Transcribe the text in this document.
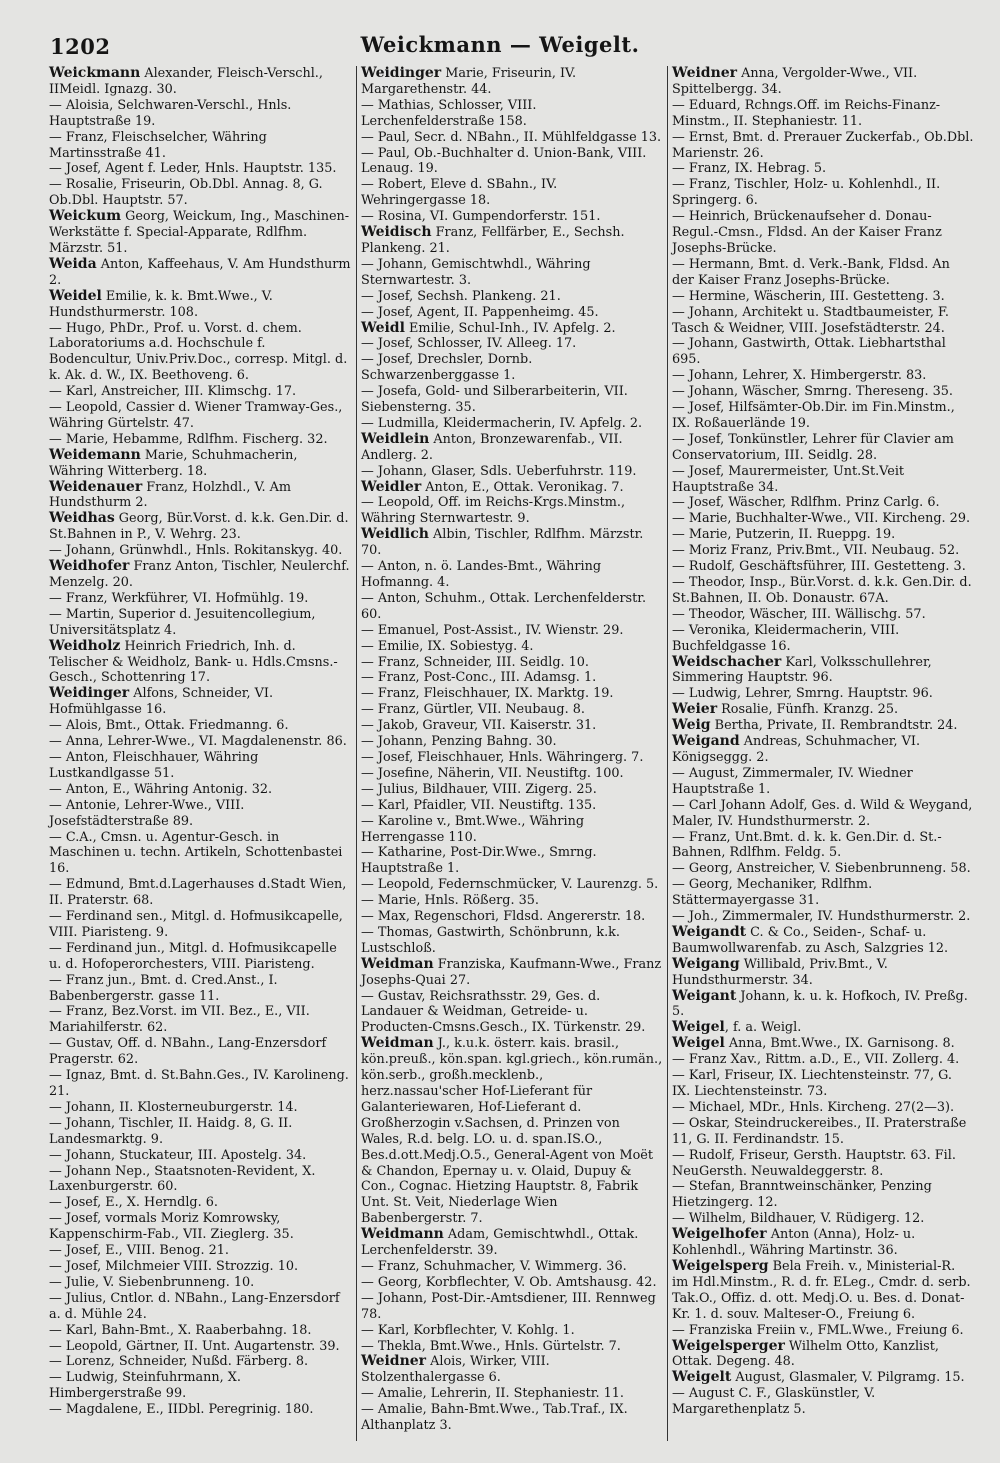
1202	Weickmann — Weigelt.
Weickmann Alexander, Fleisch-Verschl., IIMeidl. Ignazg. 30.
— Aloisia, Selchwaren-Verschl., Hnls. Hauptstraße 19.
— Franz, Fleischselcher, Währing Martinsstraße 41.
— Josef, Agent f. Leder, Hnls. Hauptstr. 135.
— Rosalie, Friseurin, Ob.Dbl. Annag. 8, G. Ob.Dbl. Hauptstr. 57.
Weickum Georg, Weickum, Ing., Maschinen-Werkstätte f. Special-Apparate, Rdlfhm. Märzstr. 51.
Weida Anton, Kaffeehaus, V. Am Hundsthurm 2.
Weidel Emilie, k. k. Bmt.Wwe., V. Hundsthurmerstr. 108.
— Hugo, PhDr., Prof. u. Vorst. d. chem. Laboratoriums a.d. Hochschule f. Bodencultur, Univ.Priv.Doc., corresp. Mitgl. d. k. Ak. d. W., IX. Beethoveng. 6.
— Karl, Anstreicher, III. Klimschg. 17.
— Leopold, Cassier d. Wiener Tramway-Ges., Währing Gürtelstr. 47.
— Marie, Hebamme, Rdlfhm. Fischerg. 32.
Weidemann Marie, Schuhmacherin, Währing Witterberg. 18.
Weidenauer Franz, Holzhdl., V. Am Hundsthurm 2.
Weidhas Georg, Bür.Vorst. d. k.k. Gen.Dir. d. St.Bahnen in P., V. Wehrg. 23.
— Johann, Grünwhdl., Hnls. Rokitanskyg. 40.
Weidhofer Franz Anton, Tischler, Neulerchf. Menzelg. 20.
— Franz, Werkführer, VI. Hofmühlg. 19.
— Martin, Superior d. Jesuitencollegium, Universitätsplatz 4.
Weidholz Heinrich Friedrich, Inh. d. Telischer & Weidholz, Bank- u. Hdls.Cmsns.-Gesch., Schottenring 17.
Weidinger Alfons, Schneider, VI. Hofmühlgasse 16.
— Alois, Bmt., Ottak. Friedmanng. 6.
— Anna, Lehrer-Wwe., VI. Magdalenenstr. 86.
— Anton, Fleischhauer, Währing Lustkandlgasse 51.
— Anton, E., Währing Antonig. 32.
— Antonie, Lehrer-Wwe., VIII. Josefstädterstraße 89.
— C.A., Cmsn. u. Agentur-Gesch. in Maschinen u. techn. Artikeln, Schottenbastei 16.
— Edmund, Bmt.d.Lagerhauses d.Stadt Wien, II. Praterstr. 68.
— Ferdinand sen., Mitgl. d. Hofmusikcapelle, VIII. Piaristeng. 9.
— Ferdinand jun., Mitgl. d. Hofmusikcapelle u. d. Hofoperorchesters, VIII. Piaristeng.
— Franz jun., Bmt. d. Cred.Anst., I. Babenbergerstr. gasse 11.
— Franz, Bez.Vorst. im VII. Bez., E., VII. Mariahilferstr. 62.
— Gustav, Off. d. NBahn., Lang-Enzersdorf Pragerstr. 62.
— Ignaz, Bmt. d. St.Bahn.Ges., IV. Karolineng. 21.
— Johann, II. Klosterneuburgerstr. 14.
— Johann, Tischler, II. Haidg. 8, G. II. Landesmarktg. 9.
— Johann, Stuckateur, III. Apostelg. 34.
— Johann Nep., Staatsnoten-Revident, X. Laxenburgerstr. 60.
— Josef, E., X. Herndlg. 6.
— Josef, vormals Moriz Komrowsky, Kappenschirm-Fab., VII. Zieglerg. 35.
— Josef, E., VIII. Benog. 21.
— Josef, Milchmeier VIII. Strozzig. 10.
— Julie, V. Siebenbrunneng. 10.
— Julius, Cntlor. d. NBahn., Lang-Enzersdorf a. d. Mühle 24.
— Karl, Bahn-Bmt., X. Raaberbahng. 18.
— Leopold, Gärtner, II. Unt. Augartenstr. 39.
— Lorenz, Schneider, Nußd. Färberg. 8.
— Ludwig, Steinfuhrmann, X. Himbergerstraße 99.
— Magdalene, E., IIDbl. Peregrinig. 180.
Weidinger Marie, Friseurin, IV. Margarethenstr. 44.
— Mathias, Schlosser, VIII. Lerchenfelderstraße 158.
— Paul, Secr. d. NBahn., II. Mühlfeldgasse 13.
— Paul, Ob.-Buchhalter d. Union-Bank, VIII. Lenaug. 19.
— Robert, Eleve d. SBahn., IV. Wehringergasse 18.
— Rosina, VI. Gumpendorferstr. 151.
Weidisch Franz, Fellfärber, E., Sechsh. Plankeng. 21.
— Johann, Gemischtwhdl., Währing Sternwartestr. 3.
— Josef, Sechsh. Plankeng. 21.
— Josef, Agent, II. Pappenheimg. 45.
Weidl Emilie, Schul-Inh., IV. Apfelg. 2.
— Josef, Schlosser, IV. Alleeg. 17.
— Josef, Drechsler, Dornb. Schwarzenberggasse 1.
— Josefa, Gold- und Silberarbeiterin, VII. Siebensterng. 35.
— Ludmilla, Kleidermacherin, IV. Apfelg. 2.
Weidlein Anton, Bronzewarenfab., VII. Andlerg. 2.
— Johann, Glaser, Sdls. Ueberfuhrstr. 119.
Weidler Anton, E., Ottak. Veronikag. 7.
— Leopold, Off. im Reichs-Krgs.Minstm., Währing Sternwartestr. 9.
Weidlich Albin, Tischler, Rdlfhm. Märzstr. 70.
— Anton, n. ö. Landes-Bmt., Währing Hofmanng. 4.
— Anton, Schuhm., Ottak. Lerchenfelderstr. 60.
— Emanuel, Post-Assist., IV. Wienstr. 29.
— Emilie, IX. Sobiestyg. 4.
— Franz, Schneider, III. Seidlg. 10.
— Franz, Post-Conc., III. Adamsg. 1.
— Franz, Fleischhauer, IX. Marktg. 19.
— Franz, Gürtler, VII. Neubaug. 8.
— Jakob, Graveur, VII. Kaiserstr. 31.
— Johann, Penzing Bahng. 30.
— Josef, Fleischhauer, Hnls. Währingerg. 7.
— Josefine, Näherin, VII. Neustiftg. 100.
— Julius, Bildhauer, VIII. Zigerg. 25.
— Karl, Pfaidler, VII. Neustiftg. 135.
— Karoline v., Bmt.Wwe., Währing Herrengasse 110.
— Katharine, Post-Dir.Wwe., Smrng. Hauptstraße 1.
— Leopold, Federnschmücker, V. Laurenzg. 5.
— Marie, Hnls. Rößerg. 35.
— Max, Regenschori, Fldsd. Angererstr. 18.
— Thomas, Gastwirth, Schönbrunn, k.k. Lustschloß.
Weidman Franziska, Kaufmann-Wwe., Franz Josephs-Quai 27.
— Gustav, Reichsrathsstr. 29, Ges. d. Landauer & Weidman, Getreide- u. Producten-Cmsns.Gesch., IX. Türkenstr. 29.
Weidman J., k.u.k. österr. kais. brasil., kön.preuß., kön.span. kgl.griech., kön.rumän., kön.serb., großh.mecklenb., herz.nassau'scher Hof-Lieferant für Galanteriewaren, Hof-Lieferant d. Großherzogin v.Sachsen, d. Prinzen von Wales, R.d. belg. LO. u. d. span.IS.O., Bes.d.ott.Medj.O.5., General-Agent von Moët & Chandon, Epernay u. v. Olaid, Dupuy & Con., Cognac. Hietzing Hauptstr. 8, Fabrik Unt. St. Veit, Niederlage Wien Babenbergerstr. 7.
Weidmann Adam, Gemischtwhdl., Ottak. Lerchenfelderstr. 39.
— Franz, Schuhmacher, V. Wimmerg. 36.
— Georg, Korbflechter, V. Ob. Amtshausg. 42.
— Johann, Post-Dir.-Amtsdiener, III. Rennweg 78.
— Karl, Korbflechter, V. Kohlg. 1.
— Thekla, Bmt.Wwe., Hnls. Gürtelstr. 7.
Weidner Alois, Wirker, VIII. Stolzenthalergasse 6.
— Amalie, Lehrerin, II. Stephaniestr. 11.
— Amalie, Bahn-Bmt.Wwe., Tab.Traf., IX. Althanplatz 3.
Weidner Anna, Vergolder-Wwe., VII. Spittelbergg. 34.
— Eduard, Rchngs.Off. im Reichs-Finanz-Minstm., II. Stephaniestr. 11.
— Ernst, Bmt. d. Prerauer Zuckerfab., Ob.Dbl. Marienstr. 26.
— Franz, IX. Hebrag. 5.
— Franz, Tischler, Holz- u. Kohlenhdl., II. Springerg. 6.
— Heinrich, Brückenaufseher d. Donau-Regul.-Cmsn., Fldsd. An der Kaiser Franz Josephs-Brücke.
— Hermann, Bmt. d. Verk.-Bank, Fldsd. An der Kaiser Franz Josephs-Brücke.
— Hermine, Wäscherin, III. Gestetteng. 3.
— Johann, Architekt u. Stadtbaumeister, F. Tasch & Weidner, VIII. Josefstädterstr. 24.
— Johann, Gastwirth, Ottak. Liebhartsthal 695.
— Johann, Lehrer, X. Himbergerstr. 83.
— Johann, Wäscher, Smrng. Thereseng. 35.
— Josef, Hilfsämter-Ob.Dir. im Fin.Minstm., IX. Roßauerlände 19.
— Josef, Tonkünstler, Lehrer für Clavier am Conservatorium, III. Seidlg. 28.
— Josef, Maurermeister, Unt.St.Veit Hauptstraße 34.
— Josef, Wäscher, Rdlfhm. Prinz Carlg. 6.
— Marie, Buchhalter-Wwe., VII. Kircheng. 29.
— Marie, Putzerin, II. Rueppg. 19.
— Moriz Franz, Priv.Bmt., VII. Neubaug. 52.
— Rudolf, Geschäftsführer, III. Gestetteng. 3.
— Theodor, Insp., Bür.Vorst. d. k.k. Gen.Dir. d. St.Bahnen, II. Ob. Donaustr. 67A.
— Theodor, Wäscher, III. Wällischg. 57.
— Veronika, Kleidermacherin, VIII. Buchfeldgasse 16.
Weidschacher Karl, Volksschullehrer, Simmering Hauptstr. 96.
— Ludwig, Lehrer, Smrng. Hauptstr. 96.
Weier Rosalie, Fünfh. Kranzg. 25.
Weig Bertha, Private, II. Rembrandtstr. 24.
Weigand Andreas, Schuhmacher, VI. Königseggg. 2.
— August, Zimmermaler, IV. Wiedner Hauptstraße 1.
— Carl Johann Adolf, Ges. d. Wild & Weygand, Maler, IV. Hundsthurmerstr. 2.
— Franz, Unt.Bmt. d. k. k. Gen.Dir. d. St.-Bahnen, Rdlfhm. Feldg. 5.
— Georg, Anstreicher, V. Siebenbrunneng. 58.
— Georg, Mechaniker, Rdlfhm. Stättermayergasse 31.
— Joh., Zimmermaler, IV. Hundsthurmerstr. 2.
Weigandt C. & Co., Seiden-, Schaf- u. Baumwollwarenfab. zu Asch, Salzgries 12.
Weigang Willibald, Priv.Bmt., V. Hundsthurmerstr. 34.
Weigant Johann, k. u. k. Hofkoch, IV. Preßg. 5.
Weigel, f. a. Weigl.
Weigel Anna, Bmt.Wwe., IX. Garnisong. 8.
— Franz Xav., Rittm. a.D., E., VII. Zollerg. 4.
— Karl, Friseur, IX. Liechtensteinstr. 77, G. IX. Liechtensteinstr. 73.
— Michael, MDr., Hnls. Kircheng. 27(2—3).
— Oskar, Steindruckereibes., II. Praterstraße 11, G. II. Ferdinandstr. 15.
— Rudolf, Friseur, Gersth. Hauptstr. 63. Fil. NeuGersth. Neuwaldeggerstr. 8.
— Stefan, Branntweinschänker, Penzing Hietzingerg. 12.
— Wilhelm, Bildhauer, V. Rüdigerg. 12.
Weigelhofer Anton (Anna), Holz- u. Kohlenhdl., Währing Martinstr. 36.
Weigelsperg Bela Freih. v., Ministerial-R. im Hdl.Minstm., R. d. fr. ELeg., Cmdr. d. serb. Tak.O., Offiz. d. ott. Medj.O. u. Bes. d. Donat-Kr. 1. d. souv. Malteser-O., Freiung 6.
— Franziska Freiin v., FML.Wwe., Freiung 6.
Weigelsperger Wilhelm Otto, Kanzlist, Ottak. Degeng. 48.
Weigelt August, Glasmaler, V. Pilgramg. 15.
— August C. F., Glaskünstler, V. Margarethenplatz 5.
